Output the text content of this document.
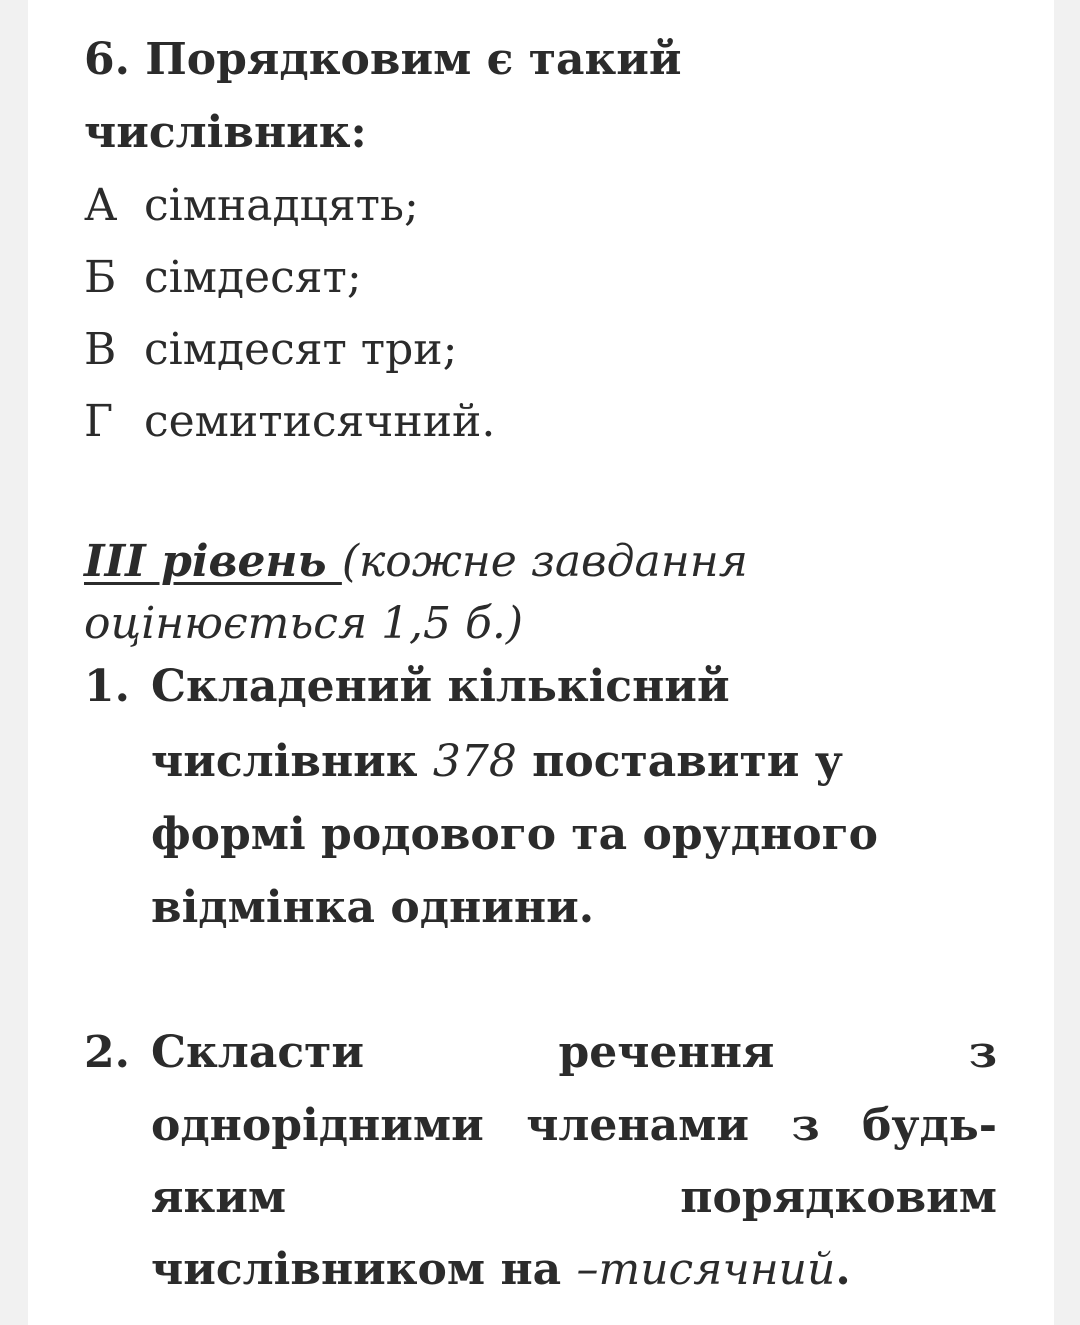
6. Порядковим є такий
числівник:
А сімнадцять;
Б сімдесят;
В сімдесят три;
Г семитисячний.
ІІІ рівень (кожне завдання
оцінюється 1,5 б.)
1. Складений кількісний
числівник 378 поставити у
формі родового та орудного
відмінка однини.
2. Скласти	речення	з
однорідними членами з будь-
яким	порядковим
числівником на –тисячний.
